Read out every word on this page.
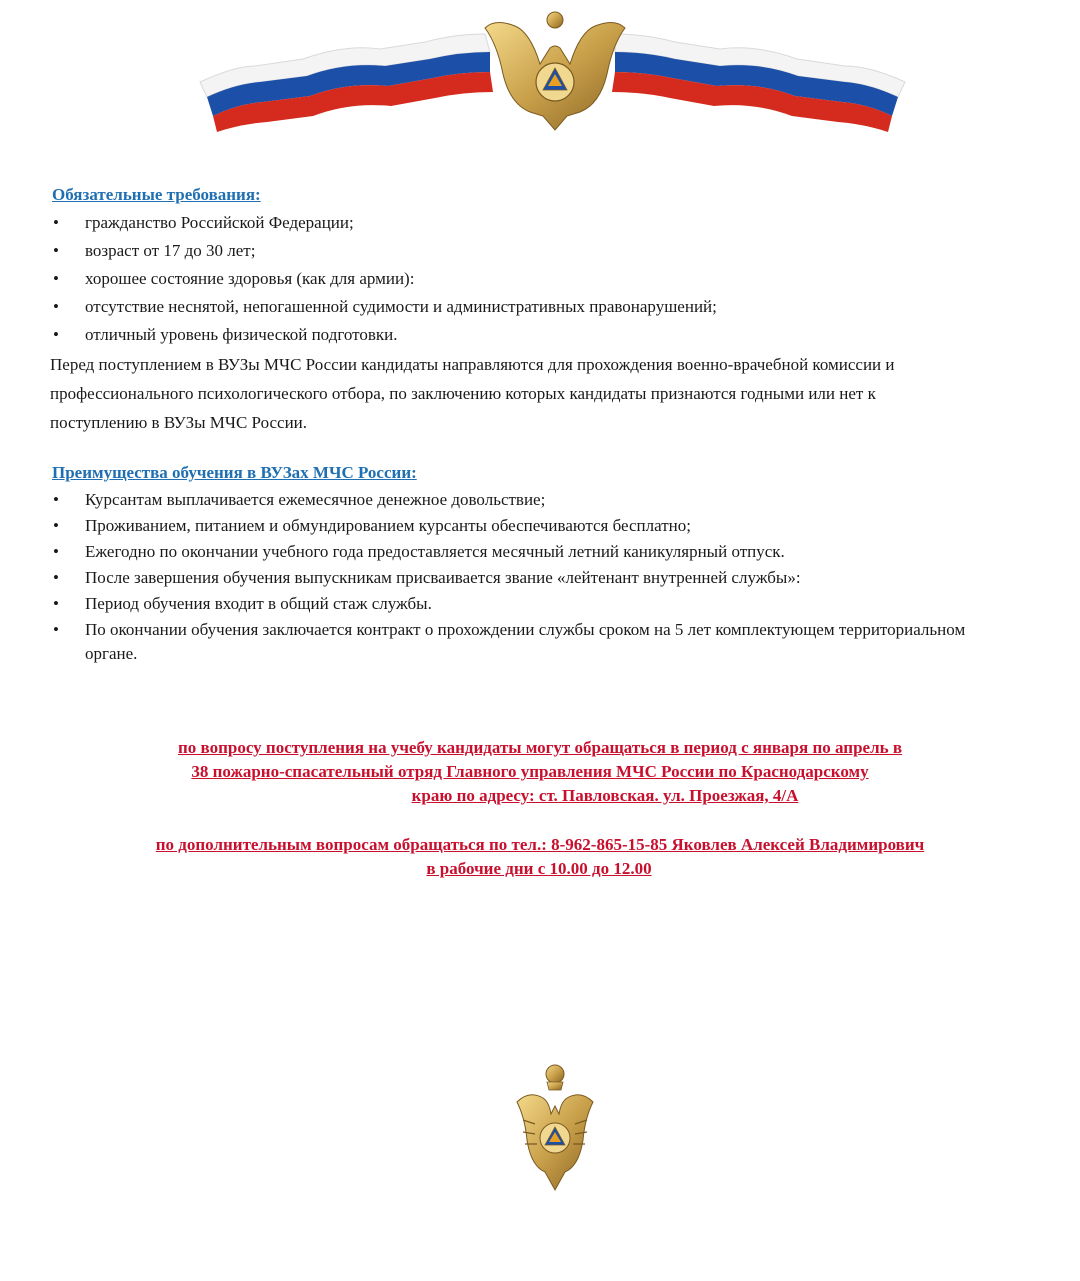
Обязательные требования:
• гражданство Российской Федерации;
• возраст от 17 до 30 лет;
• хорошее состояние здоровья (как для армии):
• отсутствие неснятой, непогашенной судимости и административных правонарушений;
• отличный уровень физической подготовки.
Перед поступлением в ВУЗы МЧС России кандидаты направляются для прохождения военно-врачебной комиссии и
профессионального психологического отбора, по заключению которых кандидаты признаются годными или нет к
поступлению в ВУЗы МЧС России.
Преимущества обучения в ВУЗах МЧС России:
• Курсантам выплачивается ежемесячное денежное довольствие;
• Проживанием, питанием и обмундированием курсанты обеспечиваются бесплатно;
• Ежегодно по окончании учебного года предоставляется месячный летний каникулярный отпуск.
• После завершения обучения выпускникам присваивается звание «лейтенант внутренней службы»:
• Период обучения входит в общий стаж службы.
• По окончании обучения заключается контракт о прохождении службы сроком на 5 лет комплектующем территориальном органе.
по вопросу поступления на учебу кандидаты могут обращаться в период с января по апрель в
38 пожарно-спасательный отряд Главного управления МЧС России по Краснодарскому
краю по адресу: ст. Павловская. ул. Проезжая, 4/А
по дополнительным вопросам обращаться по тел.: 8-962-865-15-85 Яковлев Алексей Владимирович
в рабочие дни с 10.00 до 12.00
